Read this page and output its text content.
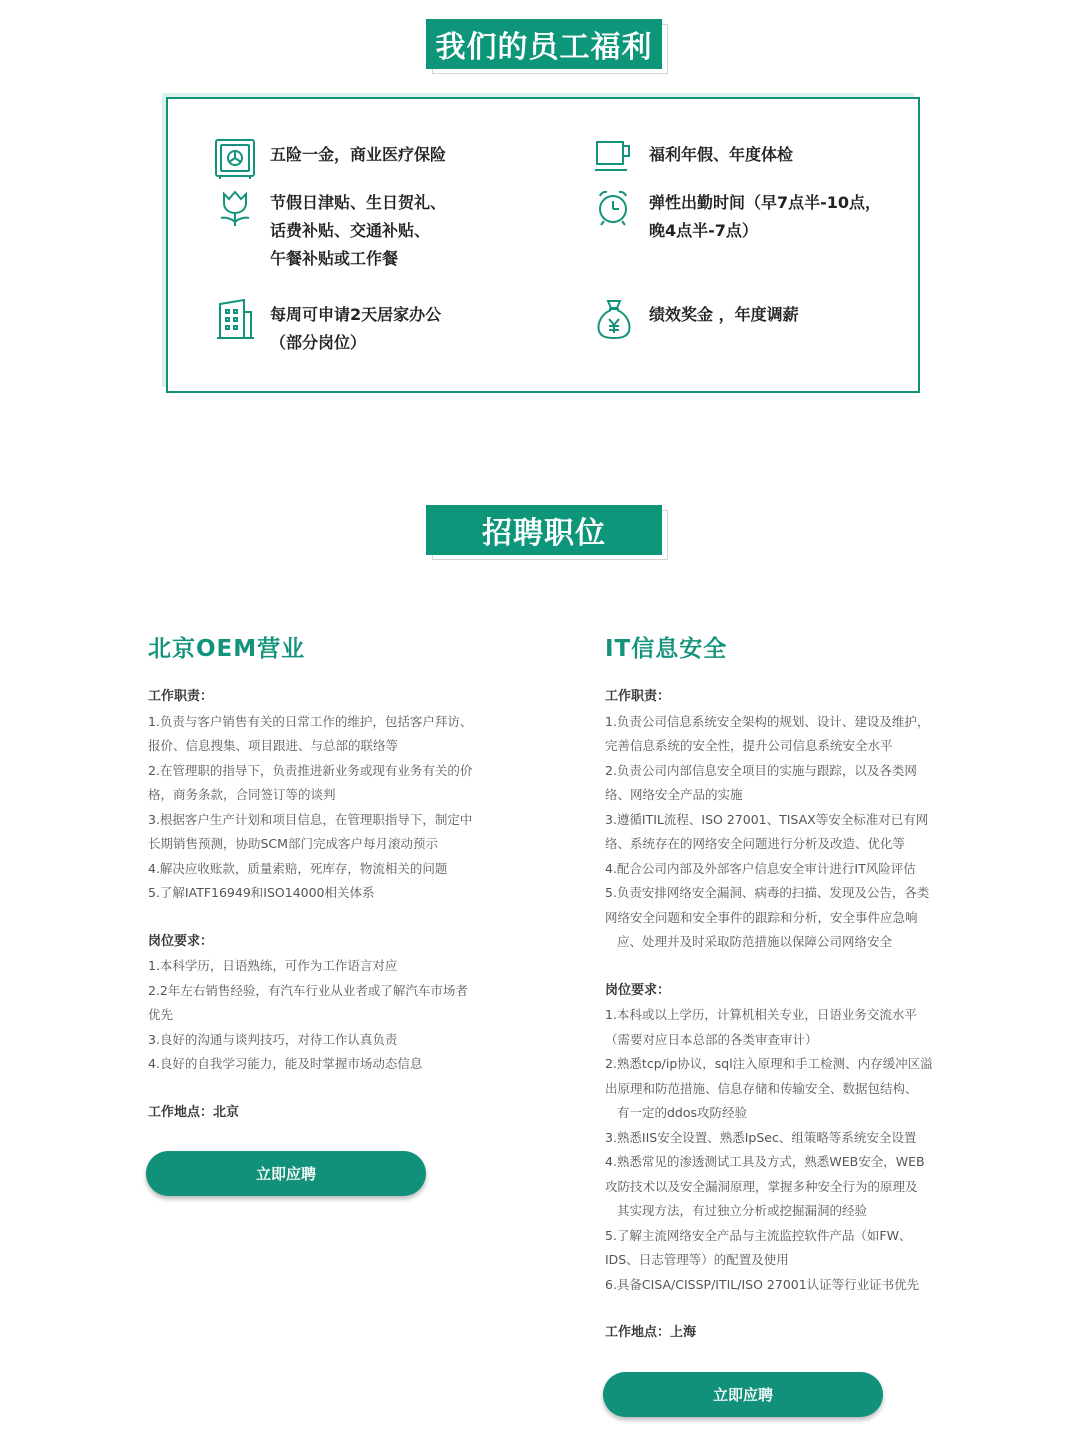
我们的员工福利
五险一金，商业医疗保险	福利年假、年度体检
节假日津贴、生日贺礼、
话费补贴、交通补贴、
午餐补贴或工作餐
弹性出勤时间（早7点半-10点，
晚4点半-7点）
每周可申请2天居家办公
（部分岗位）
绩效奖金 ，年度调薪
招聘职位
北京OEM营业
工作职责：
1.负责与客户销售有关的日常工作的维护，包括客户拜访、
报价、信息搜集、项目跟进、与总部的联络等
2.在管理职的指导下，负责推进新业务或现有业务有关的价
格，商务条款，合同签订等的谈判
3.根据客户生产计划和项目信息，在管理职指导下，制定中
长期销售预测，协助SCM部门完成客户每月滚动预示
4.解决应收账款，质量索赔，死库存，物流相关的问题
5.了解IATF16949和ISO14000相关体系
岗位要求：
1.本科学历，日语熟练，可作为工作语言对应
2.2年左右销售经验，有汽车行业从业者或了解汽车市场者
优先
3.良好的沟通与谈判技巧，对待工作认真负责
4.良好的自我学习能力，能及时掌握市场动态信息
工作地点：北京
立即应聘
IT信息安全
工作职责：
1.负责公司信息系统安全架构的规划、设计、建设及维护，
完善信息系统的安全性，提升公司信息系统安全水平
2.负责公司内部信息安全项目的实施与跟踪，以及各类网
络、网络安全产品的实施
3.遵循ITIL流程、ISO 27001、TISAX等安全标准对已有网
络、系统存在的网络安全问题进行分析及改造、优化等
4.配合公司内部及外部客户信息安全审计进行IT风险评估
5.负责安排网络安全漏洞、病毒的扫描、发现及公告，各类
网络安全问题和安全事件的跟踪和分析，安全事件应急响
应、处理并及时采取防范措施以保障公司网络安全
岗位要求：
1.本科或以上学历，计算机相关专业，日语业务交流水平
（需要对应日本总部的各类审查审计）
2.熟悉tcp/ip协议，sql注入原理和手工检测、内存缓冲区溢
出原理和防范措施、信息存储和传输安全、数据包结构、
有一定的ddos攻防经验
3.熟悉IIS安全设置、熟悉IpSec、组策略等系统安全设置
4.熟悉常见的渗透测试工具及方式，熟悉WEB安全，WEB
攻防技术以及安全漏洞原理，掌握多种安全行为的原理及
其实现方法，有过独立分析或挖掘漏洞的经验
5.了解主流网络安全产品与主流监控软件产品（如FW、
IDS、日志管理等）的配置及使用
6.具备CISA/CISSP/ITIL/ISO 27001认证等行业证书优先
工作地点：上海
立即应聘
